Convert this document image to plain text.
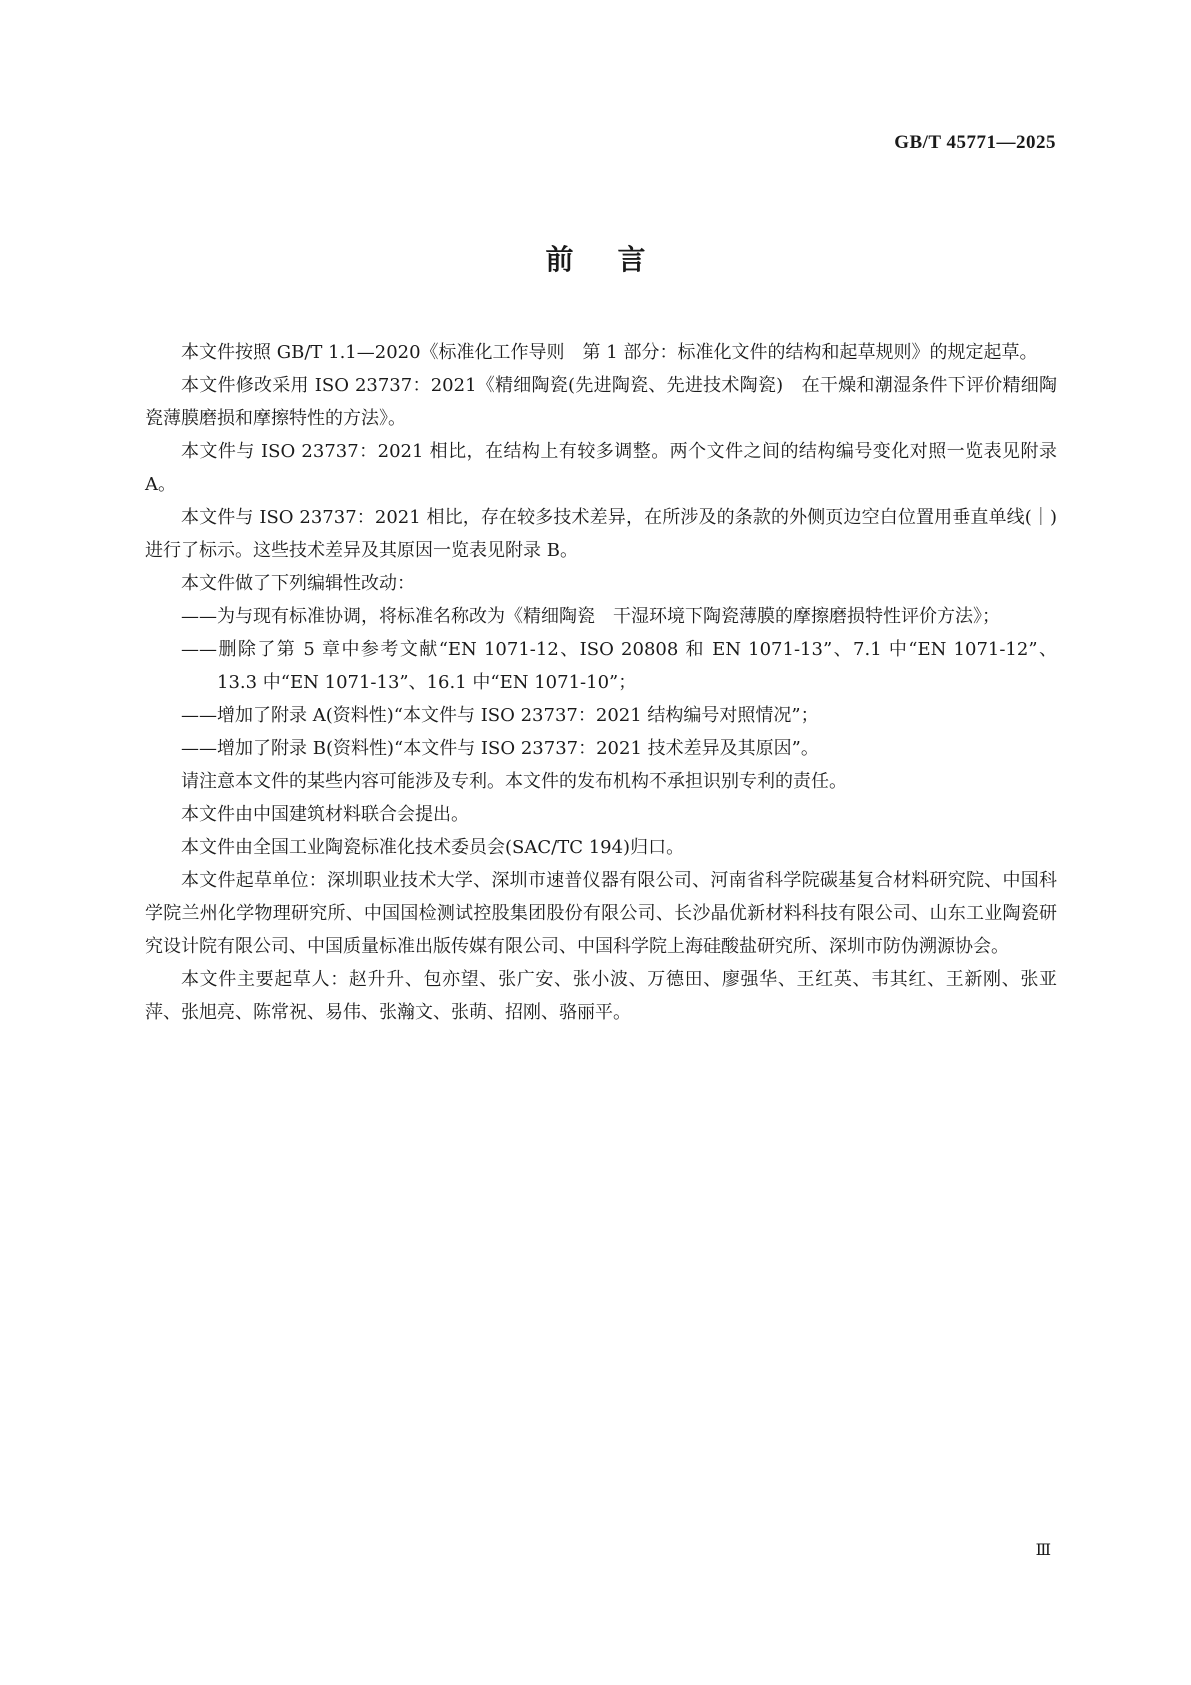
GB/T 45771—2025
前言

本文件按照 GB/T 1.1—2020《标准化工作导则　第 1 部分：标准化文件的结构和起草规则》的规定起草。

本文件修改采用 ISO 23737：2021《精细陶瓷(先进陶瓷、先进技术陶瓷)　在干燥和潮湿条件下评价精细陶瓷薄膜磨损和摩擦特性的方法》。

本文件与 ISO 23737：2021 相比，在结构上有较多调整。两个文件之间的结构编号变化对照一览表见附录 A。

本文件与 ISO 23737：2021 相比，存在较多技术差异，在所涉及的条款的外侧页边空白位置用垂直单线(｜)进行了标示。这些技术差异及其原因一览表见附录 B。

本文件做了下列编辑性改动：

——为与现有标准协调，将标准名称改为《精细陶瓷　干湿环境下陶瓷薄膜的摩擦磨损特性评价方法》；

——删除了第 5 章中参考文献“EN 1071-12、ISO 20808 和 EN 1071-13”、7.1 中“EN 1071-12”、13.3 中“EN 1071-13”、16.1 中“EN 1071-10”；

——增加了附录 A(资料性)“本文件与 ISO 23737：2021 结构编号对照情况”；

——增加了附录 B(资料性)“本文件与 ISO 23737：2021 技术差异及其原因”。

请注意本文件的某些内容可能涉及专利。本文件的发布机构不承担识别专利的责任。

本文件由中国建筑材料联合会提出。

本文件由全国工业陶瓷标准化技术委员会(SAC/TC 194)归口。

本文件起草单位：深圳职业技术大学、深圳市速普仪器有限公司、河南省科学院碳基复合材料研究院、中国科学院兰州化学物理研究所、中国国检测试控股集团股份有限公司、长沙晶优新材料科技有限公司、山东工业陶瓷研究设计院有限公司、中国质量标准出版传媒有限公司、中国科学院上海硅酸盐研究所、深圳市防伪溯源协会。

本文件主要起草人：赵升升、包亦望、张广安、张小波、万德田、廖强华、王红英、韦其红、王新刚、张亚萍、张旭亮、陈常祝、易伟、张瀚文、张萌、招刚、骆丽平。

Ⅲ
